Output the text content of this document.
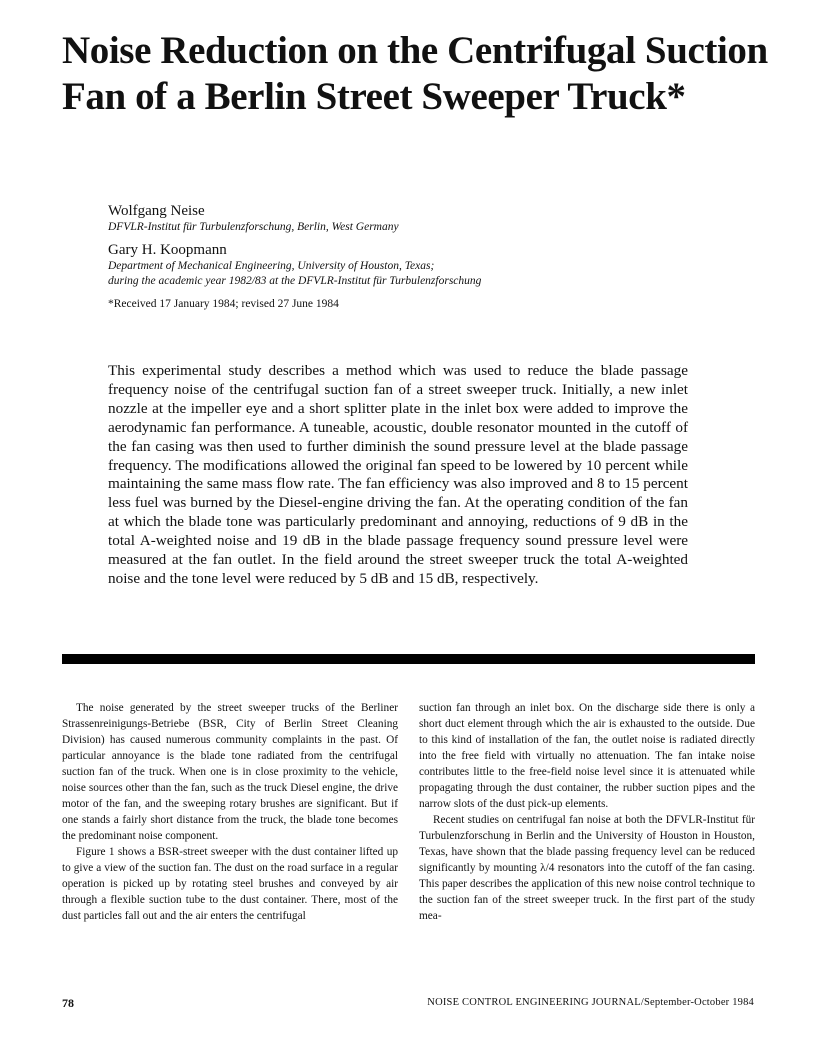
Noise Reduction on the Centrifugal Suction Fan of a Berlin Street Sweeper Truck*
Wolfgang Neise
DFVLR-Institut für Turbulenzforschung, Berlin, West Germany
Gary H. Koopmann
Department of Mechanical Engineering, University of Houston, Texas;
during the academic year 1982/83 at the DFVLR-Institut für Turbulenzforschung
*Received 17 January 1984; revised 27 June 1984

This experimental study describes a method which was used to reduce the blade passage frequency noise of the centrifugal suction fan of a street sweeper truck. Initially, a new inlet nozzle at the impeller eye and a short splitter plate in the inlet box were added to improve the aerodynamic fan performance. A tuneable, acoustic, double resonator mounted in the cutoff of the fan casing was then used to further diminish the sound pressure level at the blade passage frequency. The modifications allowed the original fan speed to be lowered by 10 percent while maintaining the same mass flow rate. The fan efficiency was also improved and 8 to 15 percent less fuel was burned by the Diesel-engine driving the fan. At the operating condition of the fan at which the blade tone was particularly predominant and annoying, reductions of 9 dB in the total A-weighted noise and 19 dB in the blade passage frequency sound pressure level were measured at the fan outlet. In the field around the street sweeper truck the total A-weighted noise and the tone level were reduced by 5 dB and 15 dB, respectively.

The noise generated by the street sweeper trucks of the Berliner Strassenreinigungs-Betriebe (BSR, City of Berlin Street Cleaning Division) has caused numerous community complaints in the past. Of particular annoyance is the blade tone radiated from the centrifugal suction fan of the truck. When one is in close proximity to the vehicle, noise sources other than the fan, such as the truck Diesel engine, the drive motor of the fan, and the sweeping rotary brushes are significant. But if one stands a fairly short distance from the truck, the blade tone becomes the predominant noise component.

Figure 1 shows a BSR-street sweeper with the dust container lifted up to give a view of the suction fan. The dust on the road surface in a regular operation is picked up by rotating steel brushes and conveyed by air through a flexible suction tube to the dust container. There, most of the dust particles fall out and the air enters the centrifugal

suction fan through an inlet box. On the discharge side there is only a short duct element through which the air is exhausted to the outside. Due to this kind of installation of the fan, the outlet noise is radiated directly into the free field with virtually no attenuation. The fan intake noise contributes little to the free-field noise level since it is attenuated while propagating through the dust container, the rubber suction pipes and the narrow slots of the dust pick-up elements.

Recent studies on centrifugal fan noise at both the DFVLR-Institut für Turbulenzforschung in Berlin and the University of Houston in Houston, Texas, have shown that the blade passing frequency level can be reduced significantly by mounting λ/4 resonators into the cutoff of the fan casing. This paper describes the application of this new noise control technique to the suction fan of the street sweeper truck. In the first part of the study mea-

78	NOISE CONTROL ENGINEERING JOURNAL/September-October 1984
